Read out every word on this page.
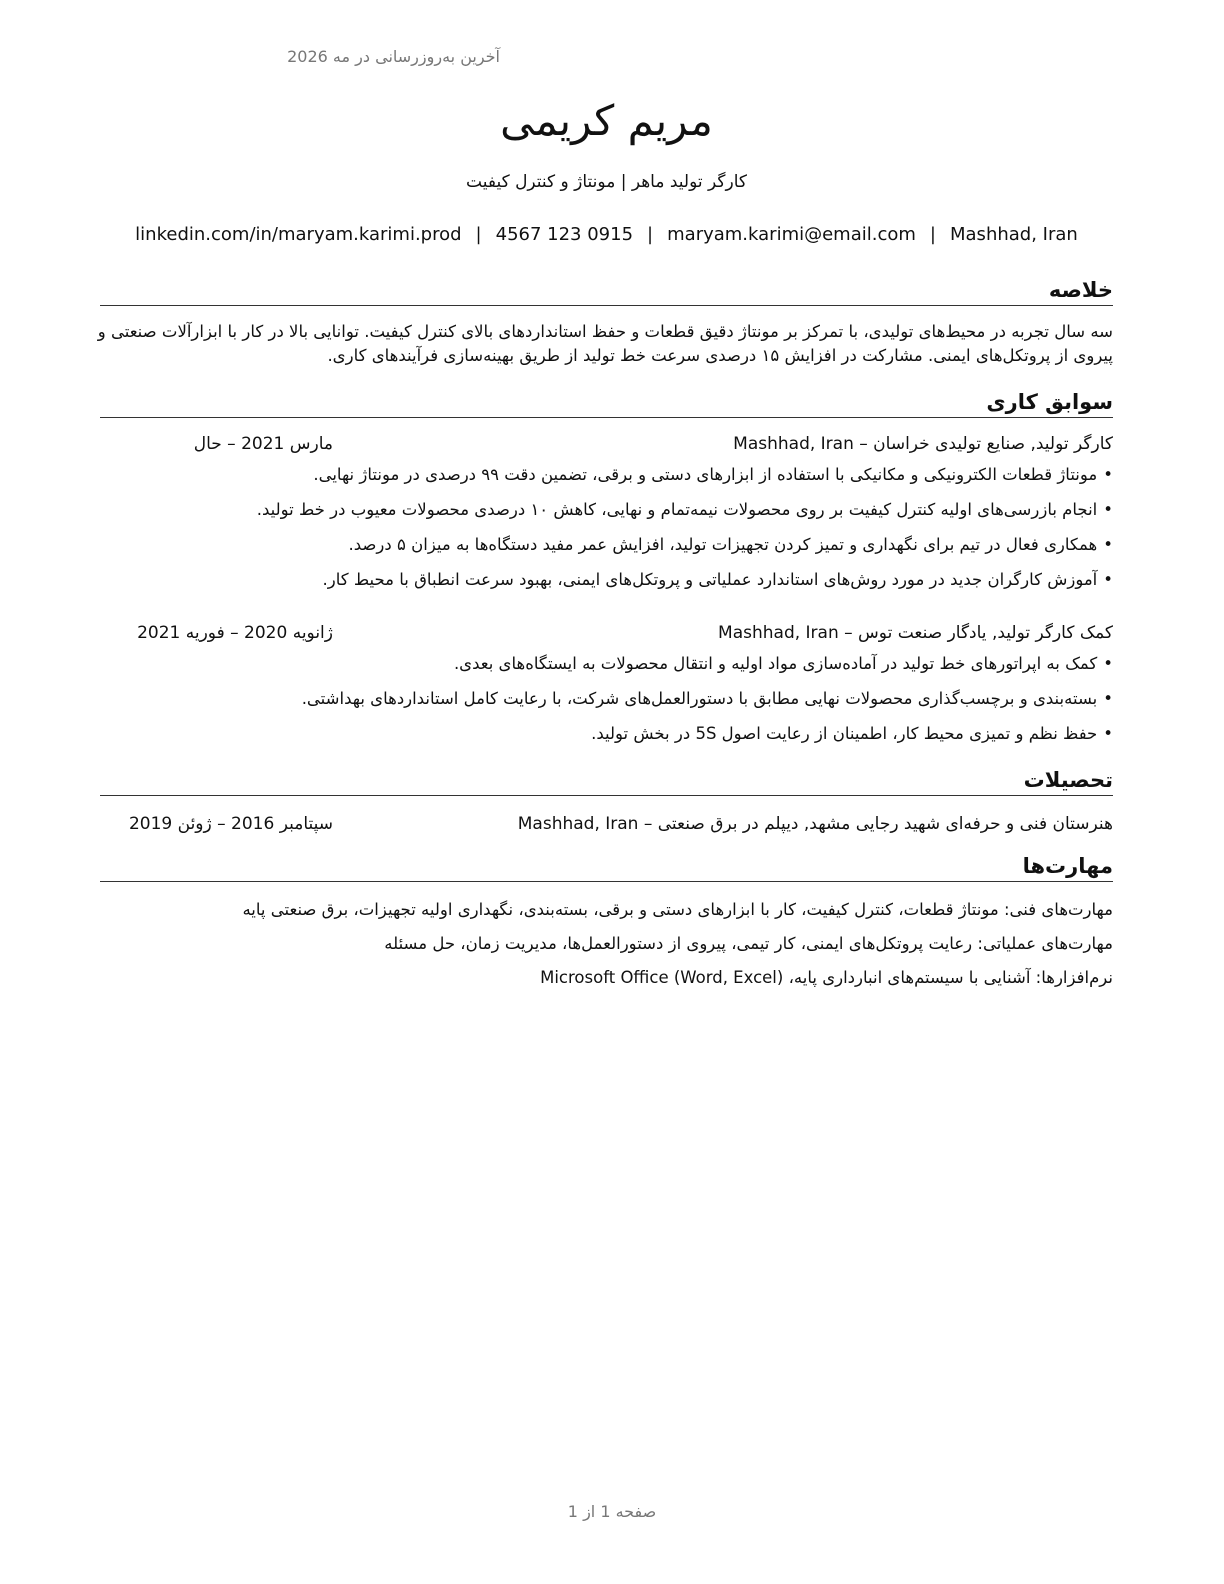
آخرین به‌روزرسانی در مه 2026
مریم کریمی
کارگر تولید ماهر | مونتاژ و کنترل کیفیت
linkedin.com/in/maryam.karimi.prod | 4567 123 0915 | maryam.karimi@email.com | Mashhad, Iran
خلاصه

سه سال تجربه در محیط‌های تولیدی، با تمرکز بر مونتاژ دقیق قطعات و حفظ استانداردهای بالای کنترل کیفیت. توانایی بالا در کار با ابزارآلات صنعتی و پیروی از پروتکل‌های ایمنی. مشارکت در افزایش ۱۵ درصدی سرعت خط تولید از طریق بهینه‌سازی فرآیندهای کاری.

سوابق کاری
کارگر تولید, صنایع تولیدی خراسان – Mashhad, Iran
مارس 2021 – حال
•مونتاژ قطعات الکترونیکی و مکانیکی با استفاده از ابزارهای دستی و برقی، تضمین دقت ۹۹ درصدی در مونتاژ نهایی.
•انجام بازرسی‌های اولیه کنترل کیفیت بر روی محصولات نیمه‌تمام و نهایی، کاهش ۱۰ درصدی محصولات معیوب در خط تولید.
•همکاری فعال در تیم برای نگهداری و تمیز کردن تجهیزات تولید، افزایش عمر مفید دستگاه‌ها به میزان ۵ درصد.
•آموزش کارگران جدید در مورد روش‌های استاندارد عملیاتی و پروتکل‌های ایمنی، بهبود سرعت انطباق با محیط کار.
کمک کارگر تولید, یادگار صنعت توس – Mashhad, Iran
ژانویه 2020 – فوریه 2021
•کمک به اپراتورهای خط تولید در آماده‌سازی مواد اولیه و انتقال محصولات به ایستگاه‌های بعدی.
•بسته‌بندی و برچسب‌گذاری محصولات نهایی مطابق با دستورالعمل‌های شرکت، با رعایت کامل استانداردهای بهداشتی.
•حفظ نظم و تمیزی محیط کار، اطمینان از رعایت اصول 5S در بخش تولید.
تحصیلات
هنرستان فنی و حرفه‌ای شهید رجایی مشهد, دیپلم در برق صنعتی – Mashhad, Iran
سپتامبر 2016 – ژوئن 2019
مهارت‌ها
مهارت‌های فنی: مونتاژ قطعات، کنترل کیفیت، کار با ابزارهای دستی و برقی، بسته‌بندی، نگهداری اولیه تجهیزات، برق صنعتی پایه
مهارت‌های عملیاتی: رعایت پروتکل‌های ایمنی، کار تیمی، پیروی از دستورالعمل‌ها، مدیریت زمان، حل مسئله
نرم‌افزارها: آشنایی با سیستم‌های انبارداری پایه، Microsoft Office (Word, Excel)
صفحه 1 از 1
